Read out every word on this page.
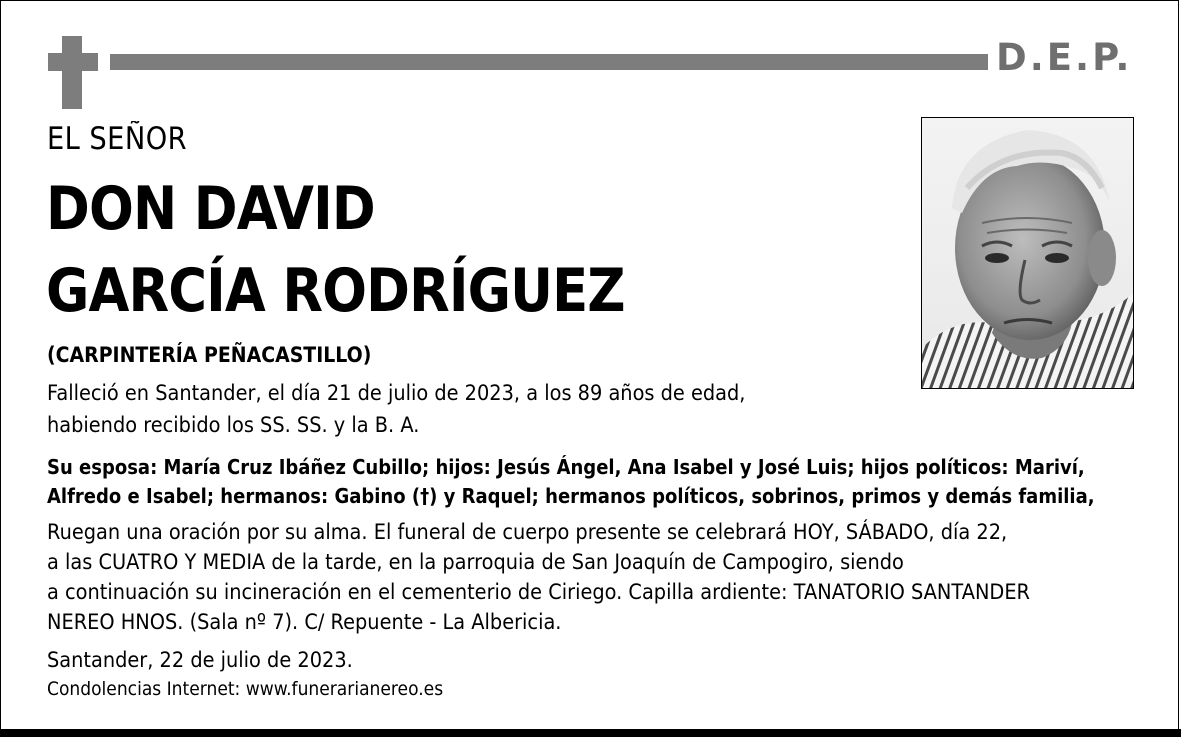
D.E.P.
EL SEÑOR
DON DAVID
GARCÍA RODRÍGUEZ
(CARPINTERÍA PEÑACASTILLO)
Falleció en Santander, el día 21 de julio de 2023, a los 89 años de edad,
habiendo recibido los SS. SS. y la B. A.
Su esposa: María Cruz Ibáñez Cubillo; hijos: Jesús Ángel, Ana Isabel y José Luis; hijos políticos: Mariví,
Alfredo e Isabel; hermanos: Gabino (†) y Raquel; hermanos políticos, sobrinos, primos y demás familia,
Ruegan una oración por su alma. El funeral de cuerpo presente se celebrará HOY, SÁBADO, día 22,
a las CUATRO Y MEDIA de la tarde, en la parroquia de San Joaquín de Campogiro, siendo
a continuación su incineración en el cementerio de Ciriego. Capilla ardiente: TANATORIO SANTANDER
NEREO HNOS. (Sala nº 7). C/ Repuente - La Albericia.
Santander, 22 de julio de 2023.
Condolencias Internet: www.funerarianereo.es
